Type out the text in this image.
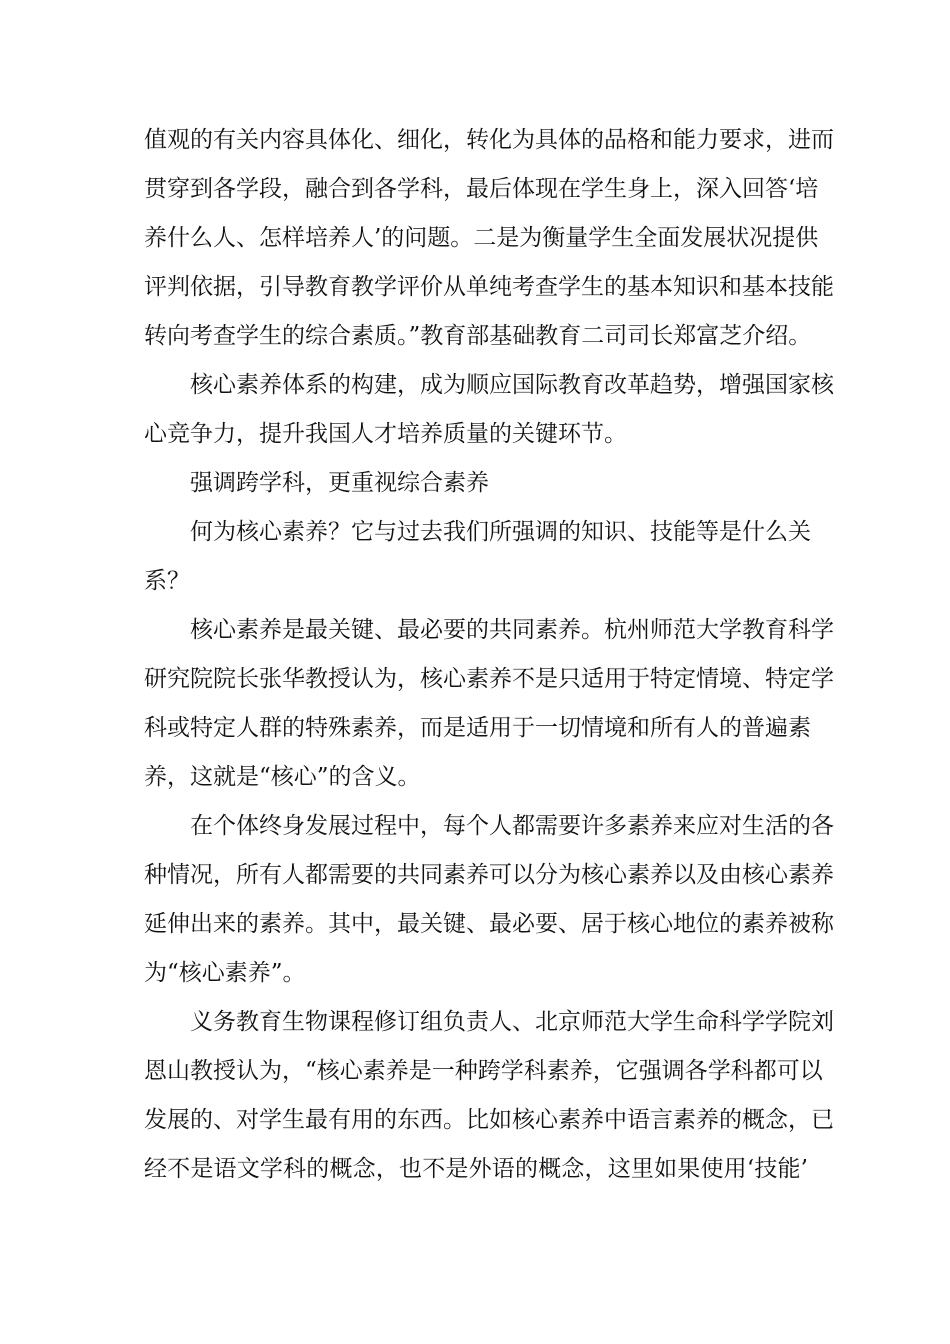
值观的有关内容具体化、细化，转化为具体的品格和能力要求，进而
贯穿到各学段，融合到各学科，最后体现在学生身上，深入回答‘培
养什么人、怎样培养人’的问题。二是为衡量学生全面发展状况提供
评判依据，引导教育教学评价从单纯考查学生的基本知识和基本技能
转向考查学生的综合素质。”教育部基础教育二司司长郑富芝介绍。
核心素养体系的构建，成为顺应国际教育改革趋势，增强国家核
心竞争力，提升我国人才培养质量的关键环节。
强调跨学科，更重视综合素养
何为核心素养？它与过去我们所强调的知识、技能等是什么关
系？
核心素养是最关键、最必要的共同素养。杭州师范大学教育科学
研究院院长张华教授认为，核心素养不是只适用于特定情境、特定学
科或特定人群的特殊素养，而是适用于一切情境和所有人的普遍素
养，这就是“核心”的含义。
在个体终身发展过程中，每个人都需要许多素养来应对生活的各
种情况，所有人都需要的共同素养可以分为核心素养以及由核心素养
延伸出来的素养。其中，最关键、最必要、居于核心地位的素养被称
为“核心素养”。
义务教育生物课程修订组负责人、北京师范大学生命科学学院刘
恩山教授认为，“核心素养是一种跨学科素养，它强调各学科都可以
发展的、对学生最有用的东西。比如核心素养中语言素养的概念，已
经不是语文学科的概念，也不是外语的概念，这里如果使用‘技能’
